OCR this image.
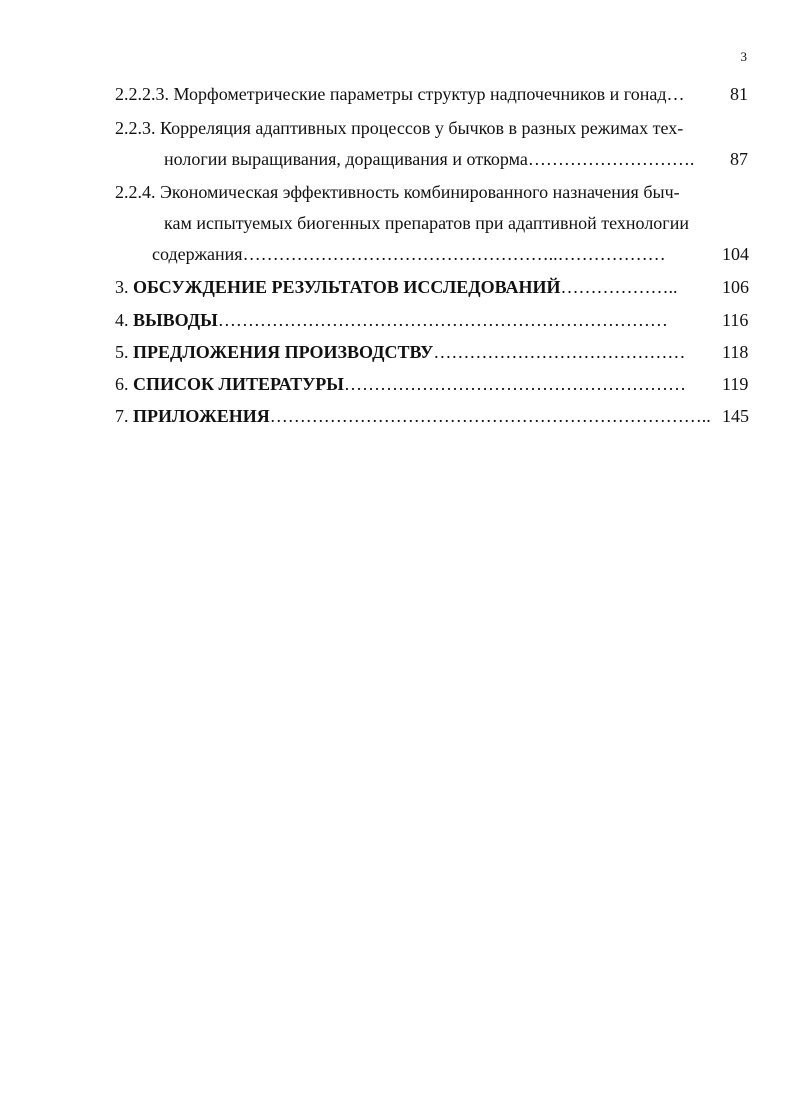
3
2.2.2.3. Морфометрические параметры структур надпочечников и гонад…	81
2.2.3. Корреляция адаптивных процессов у бычков в разных режимах тех-
нологии выращивания, доращивания и откорма………………………. 87
2.2.4. Экономическая эффективность комбинированного назначения быч-
кам испытуемых биогенных препаратов при адаптивной технологии
содержания……………………………………………..………………	104
3. ОБСУЖДЕНИЕ РЕЗУЛЬТАТОВ ИССЛЕДОВАНИЙ……………….. 106
4. ВЫВОДЫ…………………………………………………………………	116
5. ПРЕДЛОЖЕНИЯ ПРОИЗВОДСТВУ…………………………………… 118
6. СПИСОК ЛИТЕРАТУРЫ………………………………………………… 119
7. ПРИЛОЖЕНИЯ……………………………………………………………….. 145
